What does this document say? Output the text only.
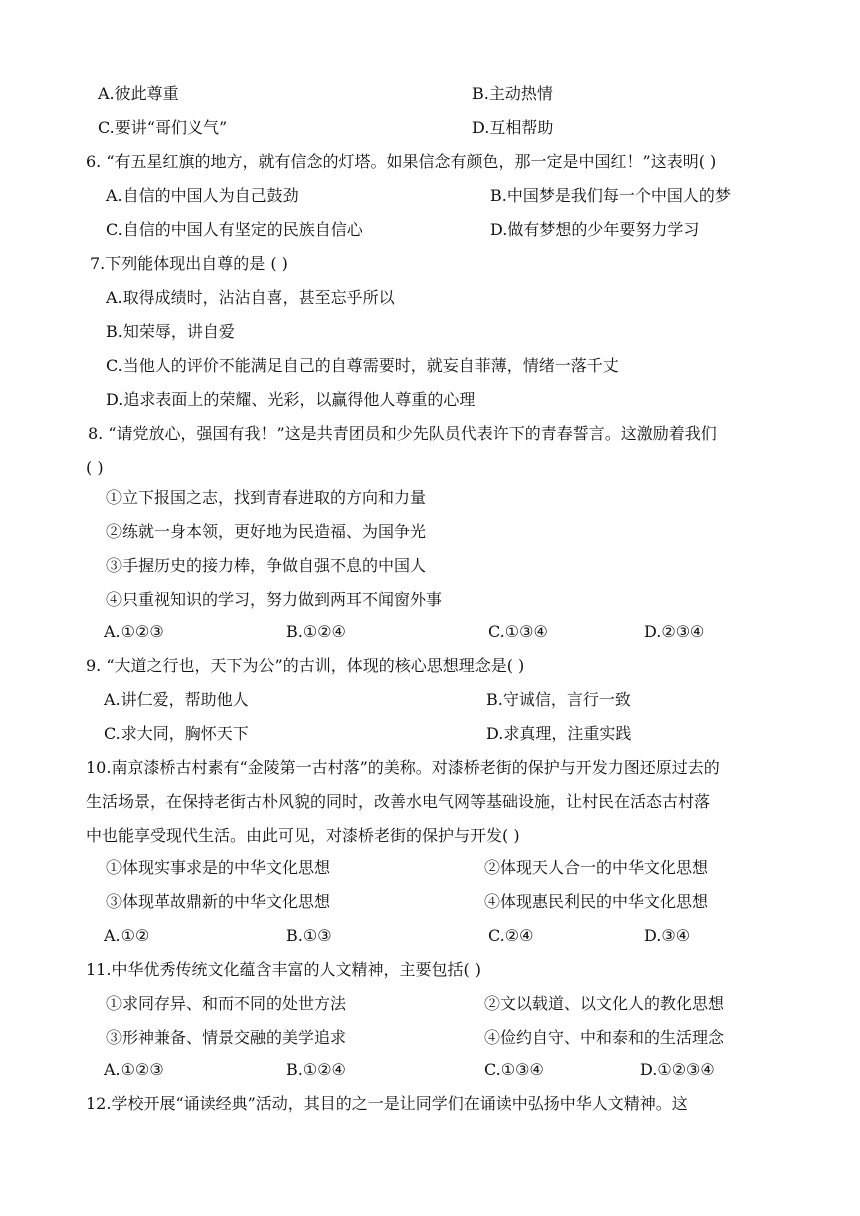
A.彼此尊重	B.主动热情
C.要讲“哥们义气”	D.互相帮助
6. “有五星红旗的地方，就有信念的灯塔。如果信念有颜色，那一定是中国红！”这表明( )
A.自信的中国人为自己鼓劲	B.中国梦是我们每一个中国人的梦
C.自信的中国人有坚定的民族自信心	D.做有梦想的少年要努力学习
7.下列能体现出自尊的是 ( )
A.取得成绩时，沾沾自喜，甚至忘乎所以
B.知荣辱，讲自爱
C.当他人的评价不能满足自己的自尊需要时，就妄自菲薄，情绪一落千丈
D.追求表面上的荣耀、光彩，以赢得他人尊重的心理
8. “请党放心，强国有我！”这是共青团员和少先队员代表许下的青春誓言。这激励着我们
( )
①立下报国之志，找到青春进取的方向和力量
②练就一身本领，更好地为民造福、为国争光
③手握历史的接力棒，争做自强不息的中国人
④只重视知识的学习，努力做到两耳不闻窗外事
A.①②③	B.①②④	C.①③④	D.②③④
9. “大道之行也，天下为公”的古训，体现的核心思想理念是( )
A.讲仁爱，帮助他人	B.守诚信，言行一致
C.求大同，胸怀天下	D.求真理，注重实践
10.南京漆桥古村素有“金陵第一古村落”的美称。对漆桥老街的保护与开发力图还原过去的
生活场景，在保持老街古朴风貌的同时，改善水电气网等基础设施，让村民在活态古村落
中也能享受现代生活。由此可见，对漆桥老街的保护与开发( )
①体现实事求是的中华文化思想	②体现天人合一的中华文化思想
③体现革故鼎新的中华文化思想	④体现惠民利民的中华文化思想
A.①②	B.①③	C.②④	D.③④
11.中华优秀传统文化蕴含丰富的人文精神，主要包括( )
①求同存异、和而不同的处世方法	②文以载道、以文化人的教化思想
③形神兼备、情景交融的美学追求	④俭约自守、中和泰和的生活理念
A.①②③	B.①②④	C.①③④	D.①②③④
12.学校开展“诵读经典”活动，其目的之一是让同学们在诵读中弘扬中华人文精神。这
